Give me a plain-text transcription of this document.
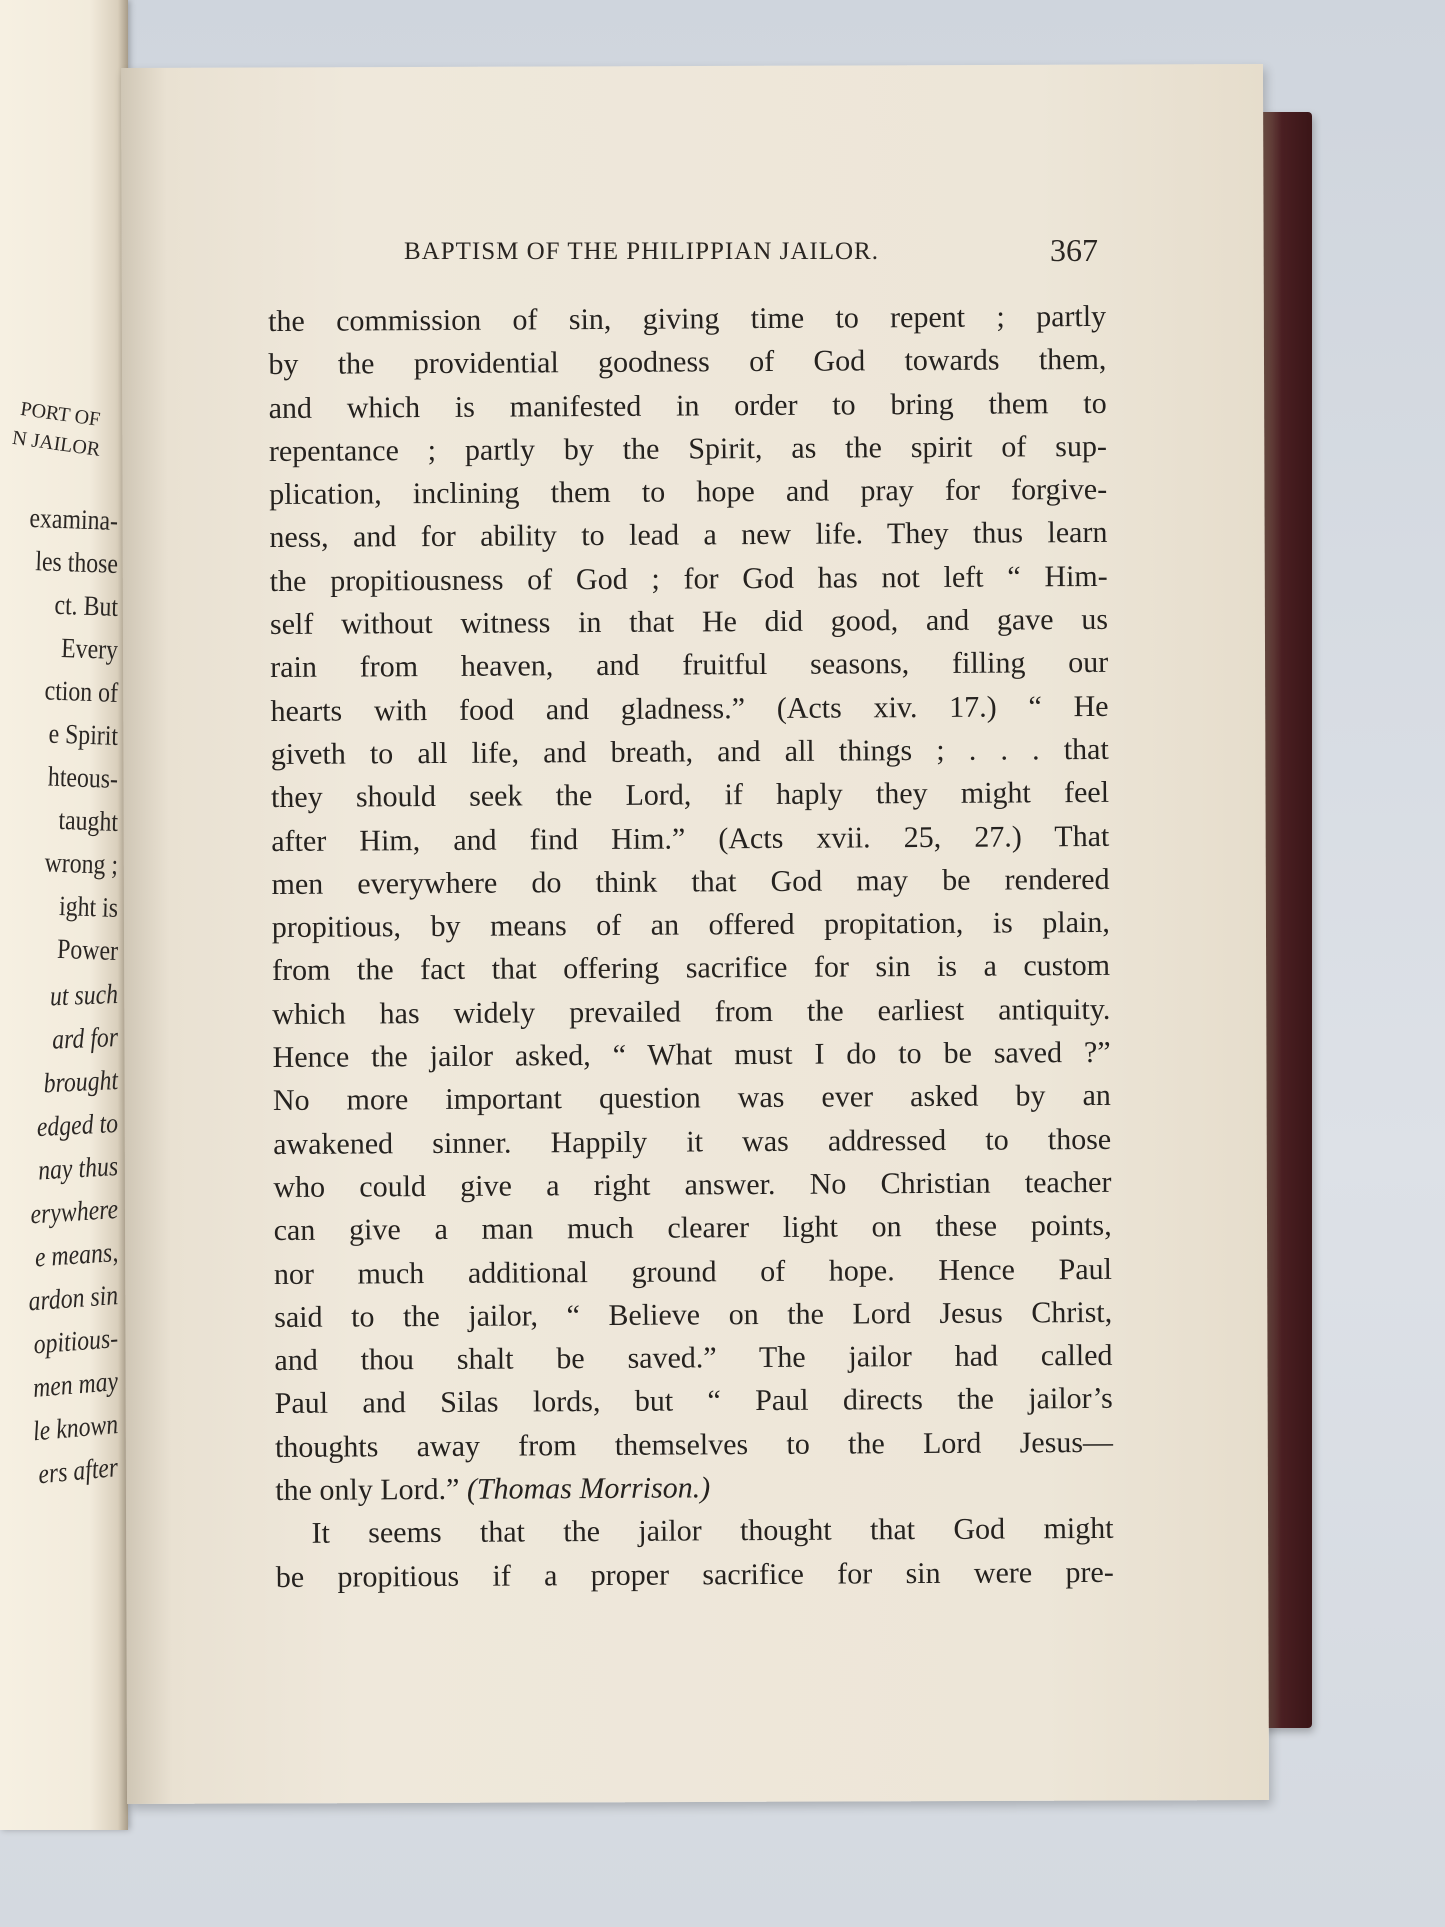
PORT OF
N JAILOR
examina-
les those
ct. But
Every
ction of
e Spirit
hteous-
taught
wrong ;
ight is
Power
ut such
ard for
brought
edged to
nay thus
erywhere
e means,
ardon sin
opitious-
men may
le known
ers after
BAPTISM OF THE PHILIPPIAN JAILOR.	367
the commission of sin, giving time to repent ; partly
by the providential goodness of God towards them,
and which is manifested in order to bring them to
repentance ; partly by the Spirit, as the spirit of sup-
plication, inclining them to hope and pray for forgive-
ness, and for ability to lead a new life. They thus learn
the propitiousness of God ; for God has not left “ Him-
self without witness in that He did good, and gave us
rain from heaven, and fruitful seasons, filling our
hearts with food and gladness.” (Acts xiv. 17.) “ He
giveth to all life, and breath, and all things ; . . . that
they should seek the Lord, if haply they might feel
after Him, and find Him.” (Acts xvii. 25, 27.) That
men everywhere do think that God may be rendered
propitious, by means of an offered propitation, is plain,
from the fact that offering sacrifice for sin is a custom
which has widely prevailed from the earliest antiquity.
Hence the jailor asked, “ What must I do to be saved ?”
No more important question was ever asked by an
awakened sinner. Happily it was addressed to those
who could give a right answer. No Christian teacher
can give a man much clearer light on these points,
nor much additional ground of hope. Hence Paul
said to the jailor, “ Believe on the Lord Jesus Christ,
and thou shalt be saved.” The jailor had called
Paul and Silas lords, but “ Paul directs the jailor’s
thoughts away from themselves to the Lord Jesus—
the only Lord.” (Thomas Morrison.)
It seems that the jailor thought that God might
be propitious if a proper sacrifice for sin were pre-
